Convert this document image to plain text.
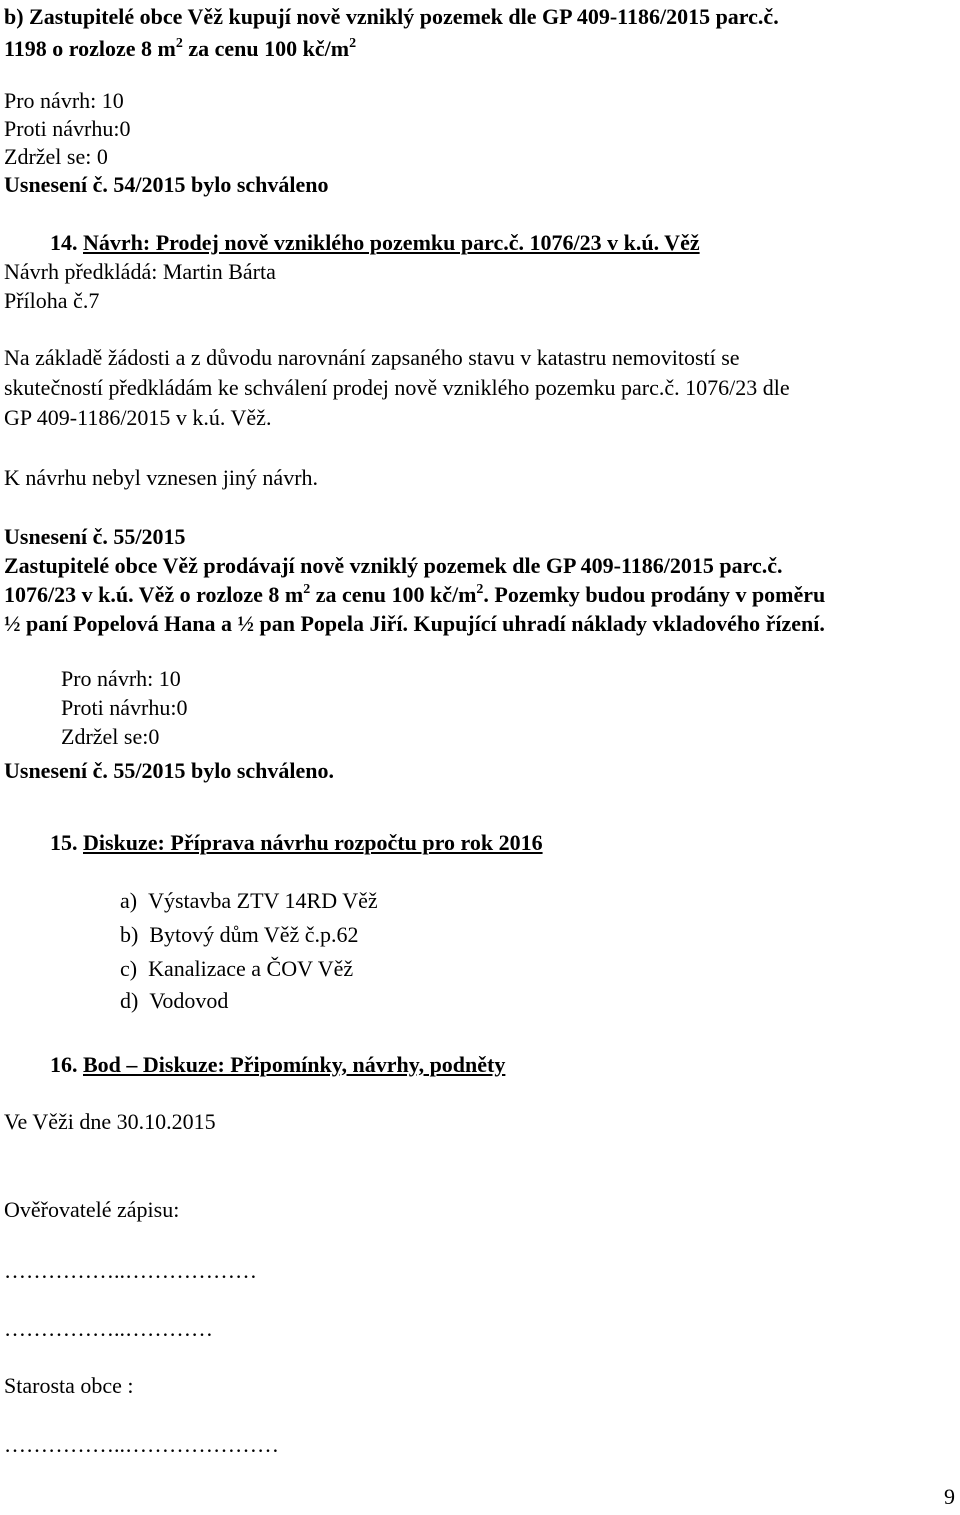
b) Zastupitelé obce Věž kupují nově vzniklý pozemek dle GP 409-1186/2015 parc.č.
1198 o rozloze 8 $m^2$ za cenu 100 $kč/m^2$
Pro návrh: 10
Proti návrhu:0
Zdržel se: 0
Usnesení č. 54/2015 bylo schváleno
14. Návrh: Prodej nově vzniklého pozemku parc.č. 1076/23 v k.ú. Věž
Návrh předkládá: Martin Bárta
Příloha č.7
Na základě žádosti a z důvodu narovnání zapsaného stavu v katastru nemovitostí se
skutečností předkládám ke schválení prodej nově vzniklého pozemku parc.č. 1076/23 dle
GP 409-1186/2015 v k.ú. Věž.
K návrhu nebyl vznesen jiný návrh.
Usnesení č. 55/2015
Zastupitelé obce Věž prodávají nově vzniklý pozemek dle GP 409-1186/2015 parc.č.
1076/23 v k.ú. Věž o rozloze 8 $m^2$ za cenu 100 $kč/m^2$. Pozemky budou prodány v poměru
½ paní Popelová Hana a ½ pan Popela Jiří. Kupující uhradí náklady vkladového řízení.
Pro návrh: 10
Proti návrhu:0
Zdržel se:0
Usnesení č. 55/2015 bylo schváleno.
15. Diskuze: Příprava návrhu rozpočtu pro rok 2016
a) Výstavba ZTV 14RD Věž
b) Bytový dům Věž č.p.62
c) Kanalizace a ČOV Věž
d) Vodovod
16. Bod – Diskuze: Připomínky, návrhy, podněty
Ve Věži dne 30.10.2015
Ověřovatelé zápisu:
……………..………………
……………..…………
Starosta obce :
……………..…………………
9
